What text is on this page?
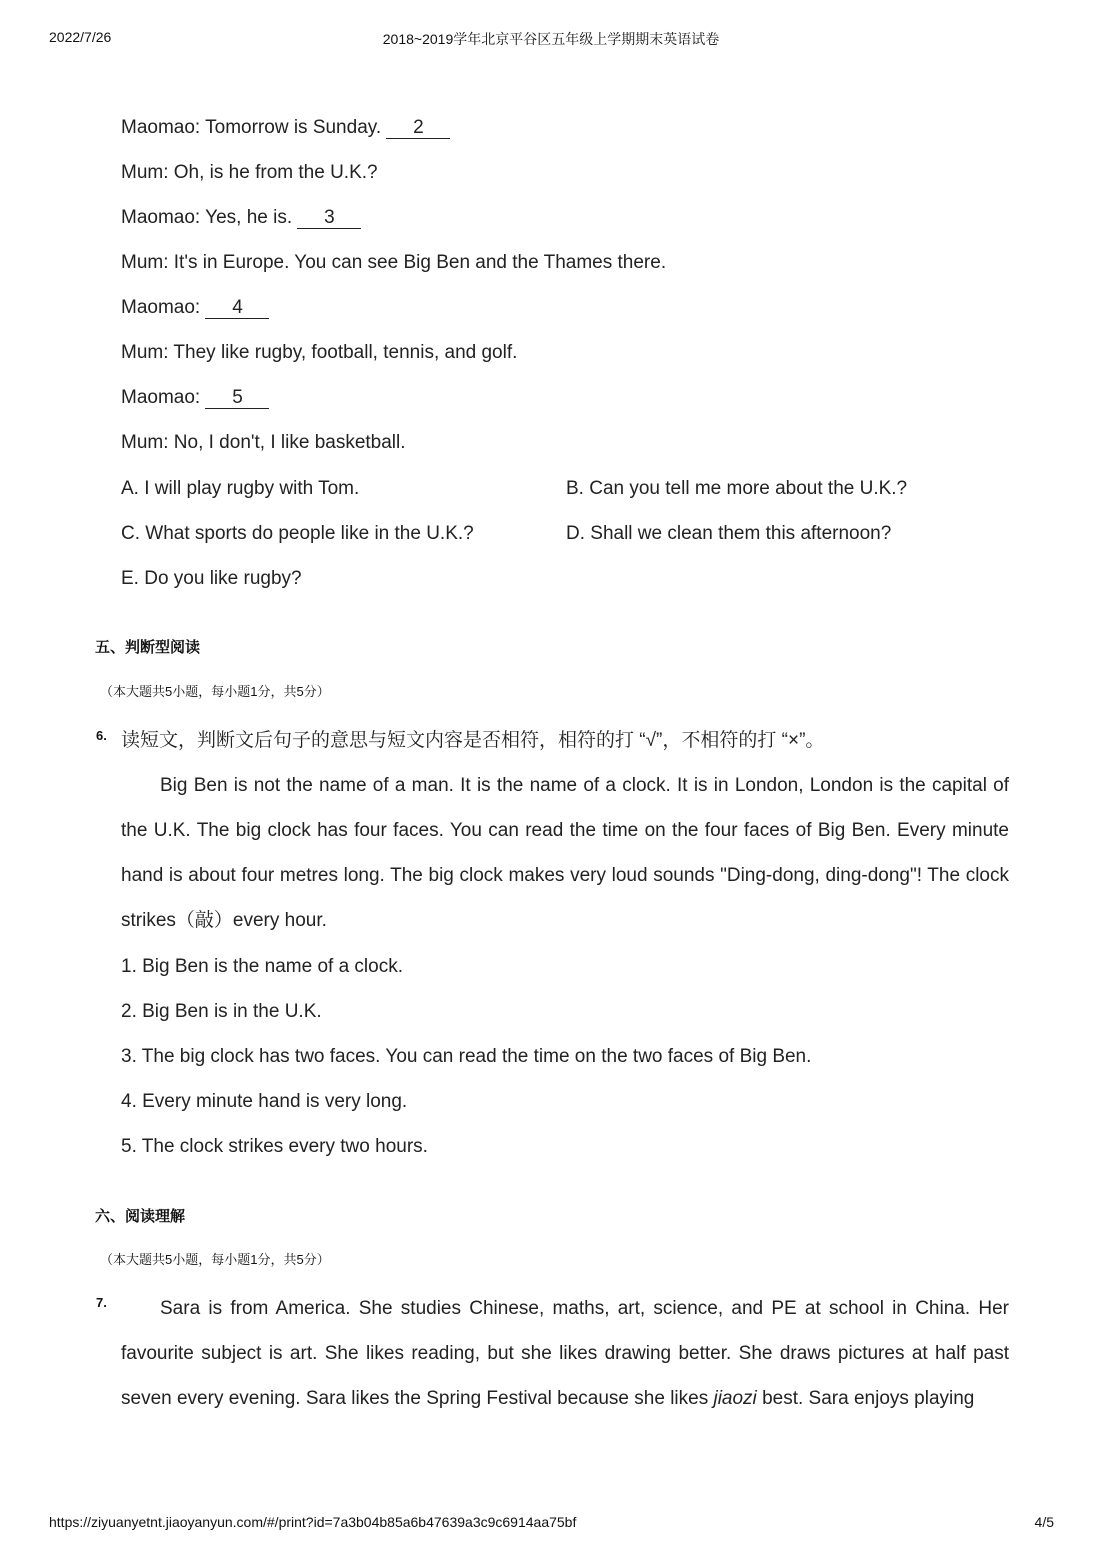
2022/7/26	2018~2019学年北京平谷区五年级上学期期末英语试卷
Maomao: Tomorrow is Sunday. 2
Mum: Oh, is he from the U.K.?
Maomao: Yes, he is. 3
Mum: It's in Europe. You can see Big Ben and the Thames there.
Maomao: 4
Mum: They like rugby, football, tennis, and golf.
Maomao: 5
Mum: No, I don't, I like basketball.
A. I will play rugby with Tom.	B. Can you tell me more about the U.K.?
C. What sports do people like in the U.K.?	D. Shall we clean them this afternoon?
E. Do you like rugby?
五、判断型阅读
（本大题共5小题，每小题1分，共5分）
6. 读短文，判断文后句子的意思与短文内容是否相符，相符的打 “√”，不相符的打 “×”。

Big Ben is not the name of a man. It is the name of a clock. It is in London, London is the capital of the U.K. The big clock has four faces. You can read the time on the four faces of Big Ben. Every minute hand is about four metres long. The big clock makes very loud sounds "Ding-dong, ding-dong"! The clock strikes（敲）every hour.

1. Big Ben is the name of a clock.
2. Big Ben is in the U.K.
3. The big clock has two faces. You can read the time on the two faces of Big Ben.
4. Every minute hand is very long.
5. The clock strikes every two hours.
六、阅读理解
（本大题共5小题，每小题1分，共5分）
7.	Sara is from America. She studies Chinese, maths, art, science, and PE at school in China. Her favourite subject is art. She likes reading, but she likes drawing better. She draws pictures at half past seven every evening. Sara likes the Spring Festival because she likes jiaozi best. Sara enjoys playing

https://ziyuanyetnt.jiaoyanyun.com/#/print?id=7a3b04b85a6b47639a3c9c6914aa75bf	4/5
